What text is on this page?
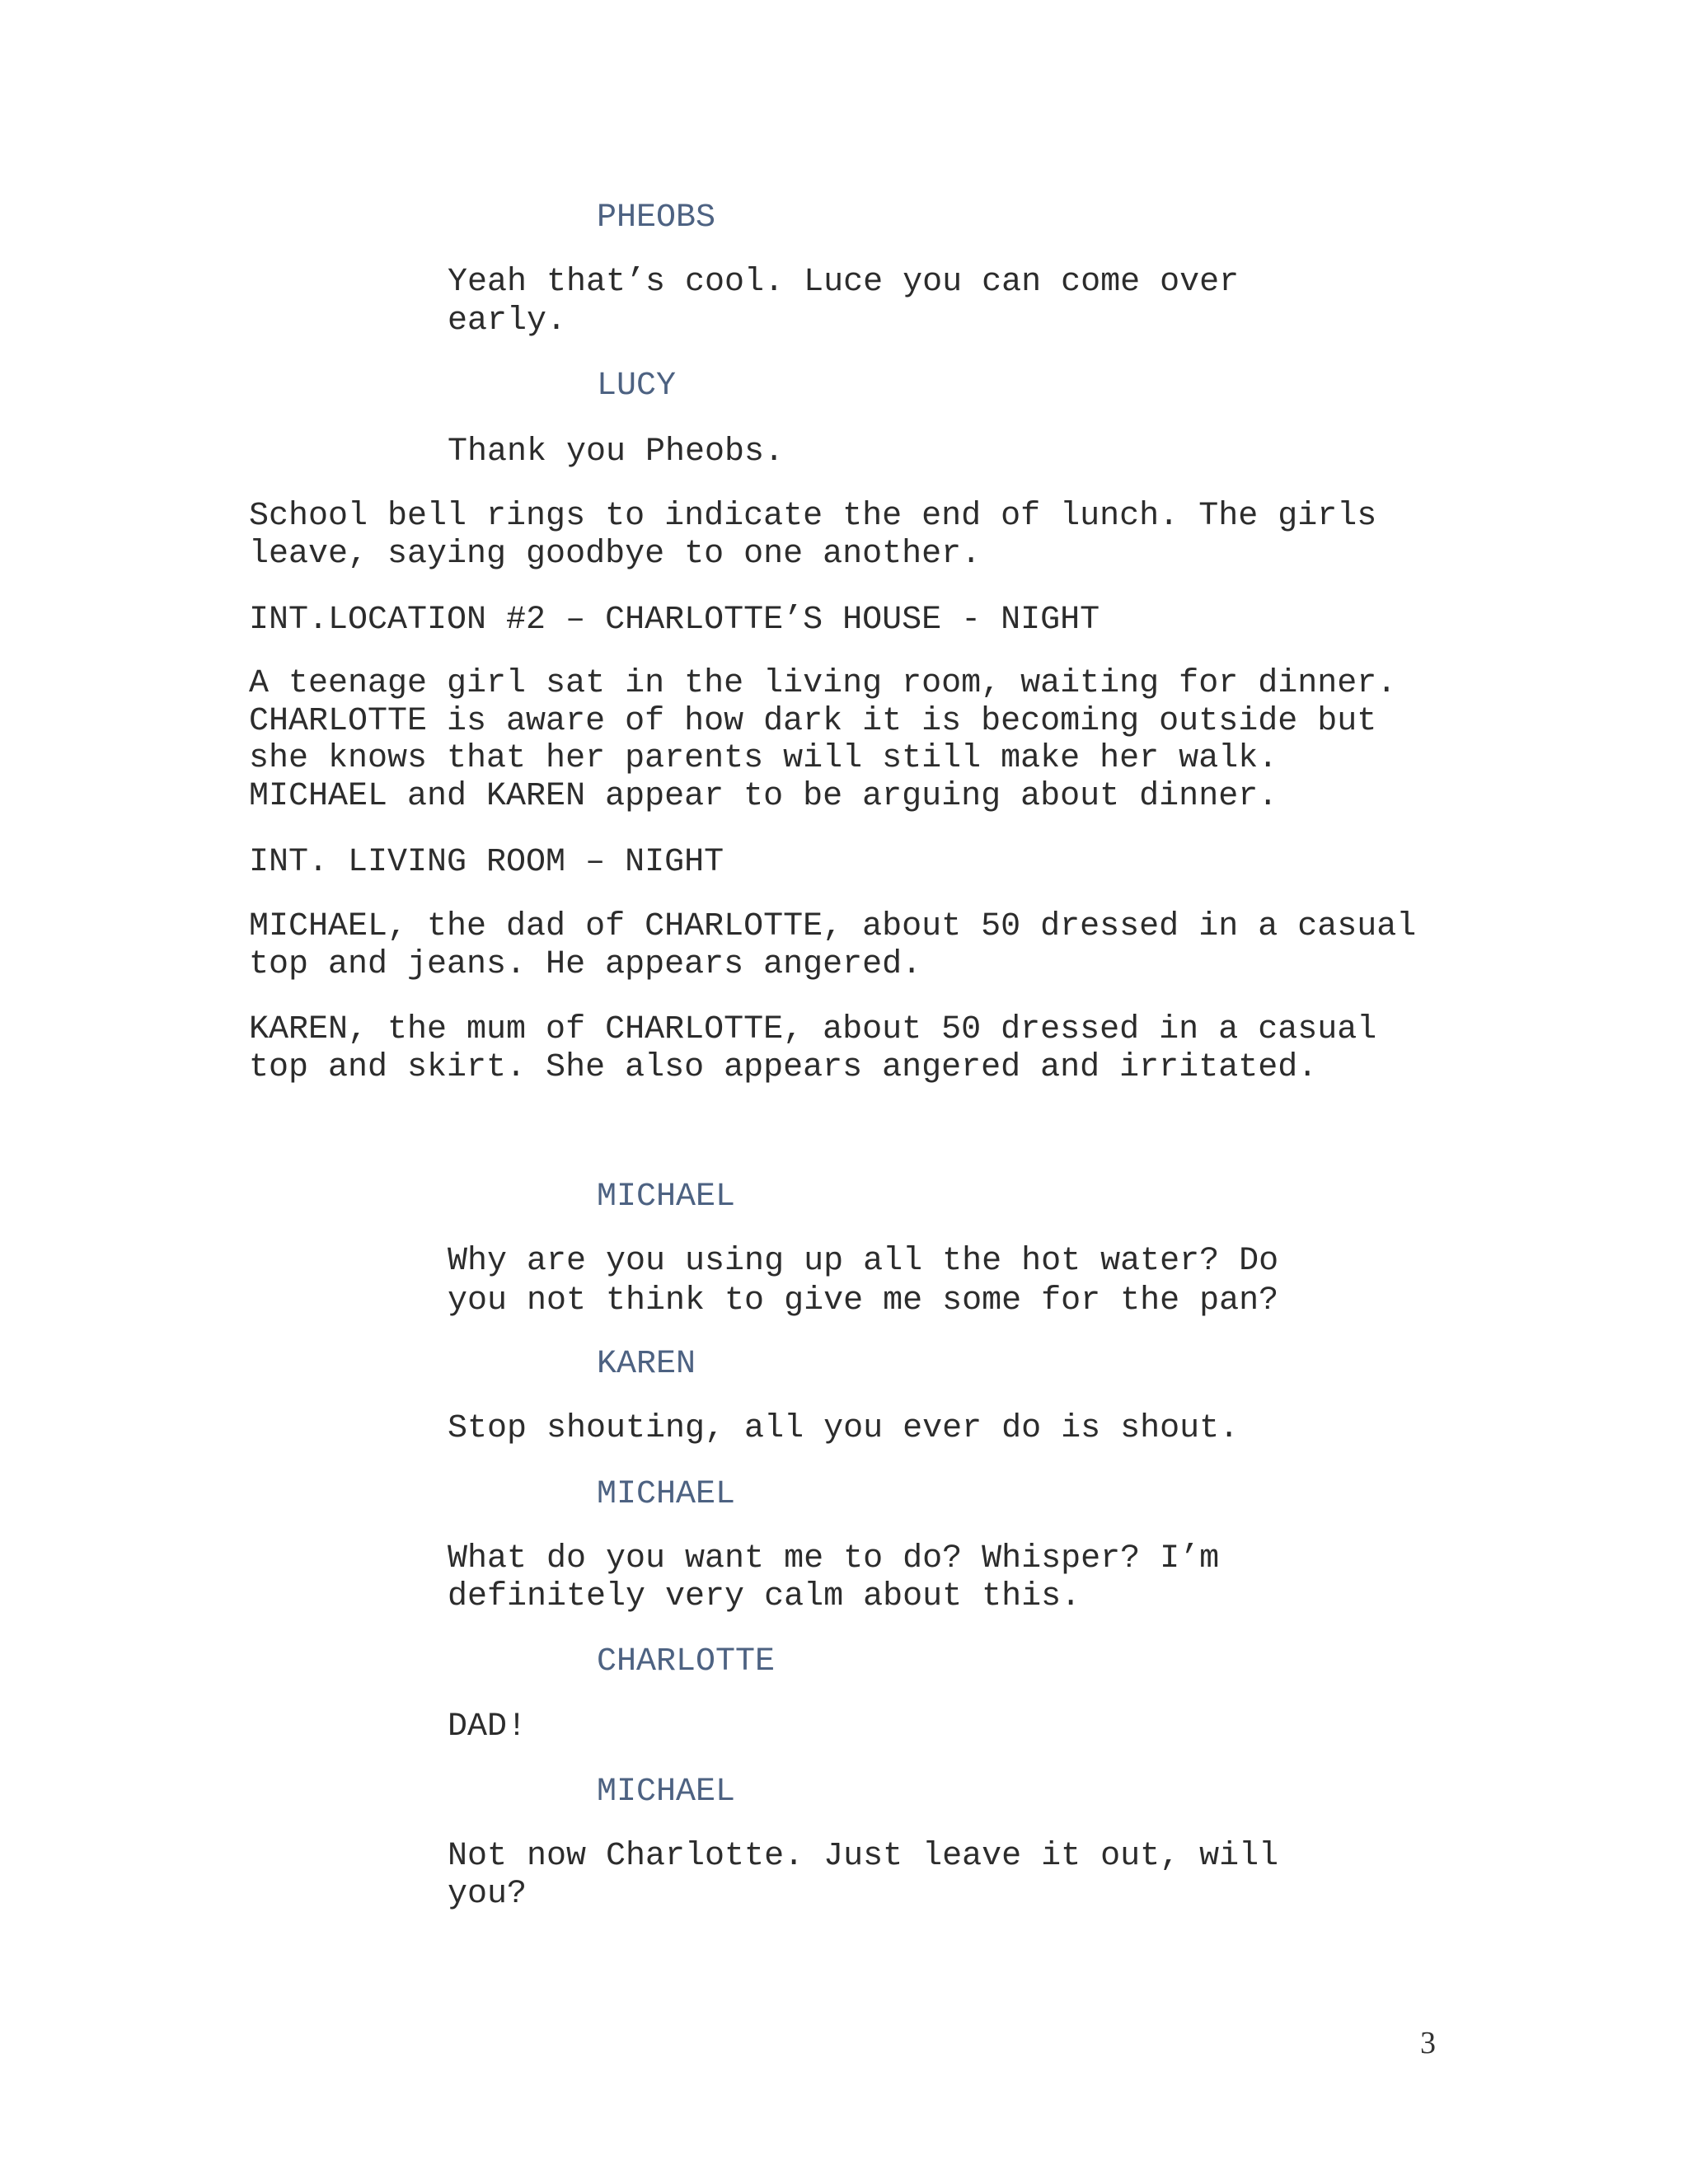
PHEOBS
Yeah that’s cool. Luce you can come over
early.
LUCY
Thank you Pheobs.
School bell rings to indicate the end of lunch. The girls
leave, saying goodbye to one another.
INT.LOCATION #2 – CHARLOTTE’S HOUSE - NIGHT
A teenage girl sat in the living room, waiting for dinner.
CHARLOTTE is aware of how dark it is becoming outside but
she knows that her parents will still make her walk.
MICHAEL and KAREN appear to be arguing about dinner.
INT. LIVING ROOM – NIGHT
MICHAEL, the dad of CHARLOTTE, about 50 dressed in a casual
top and jeans. He appears angered.
KAREN, the mum of CHARLOTTE, about 50 dressed in a casual
top and skirt. She also appears angered and irritated.
MICHAEL
Why are you using up all the hot water? Do
you not think to give me some for the pan?
KAREN
Stop shouting, all you ever do is shout.
MICHAEL
What do you want me to do? Whisper? I’m
definitely very calm about this.
CHARLOTTE
DAD!
MICHAEL
Not now Charlotte. Just leave it out, will
you?
3
